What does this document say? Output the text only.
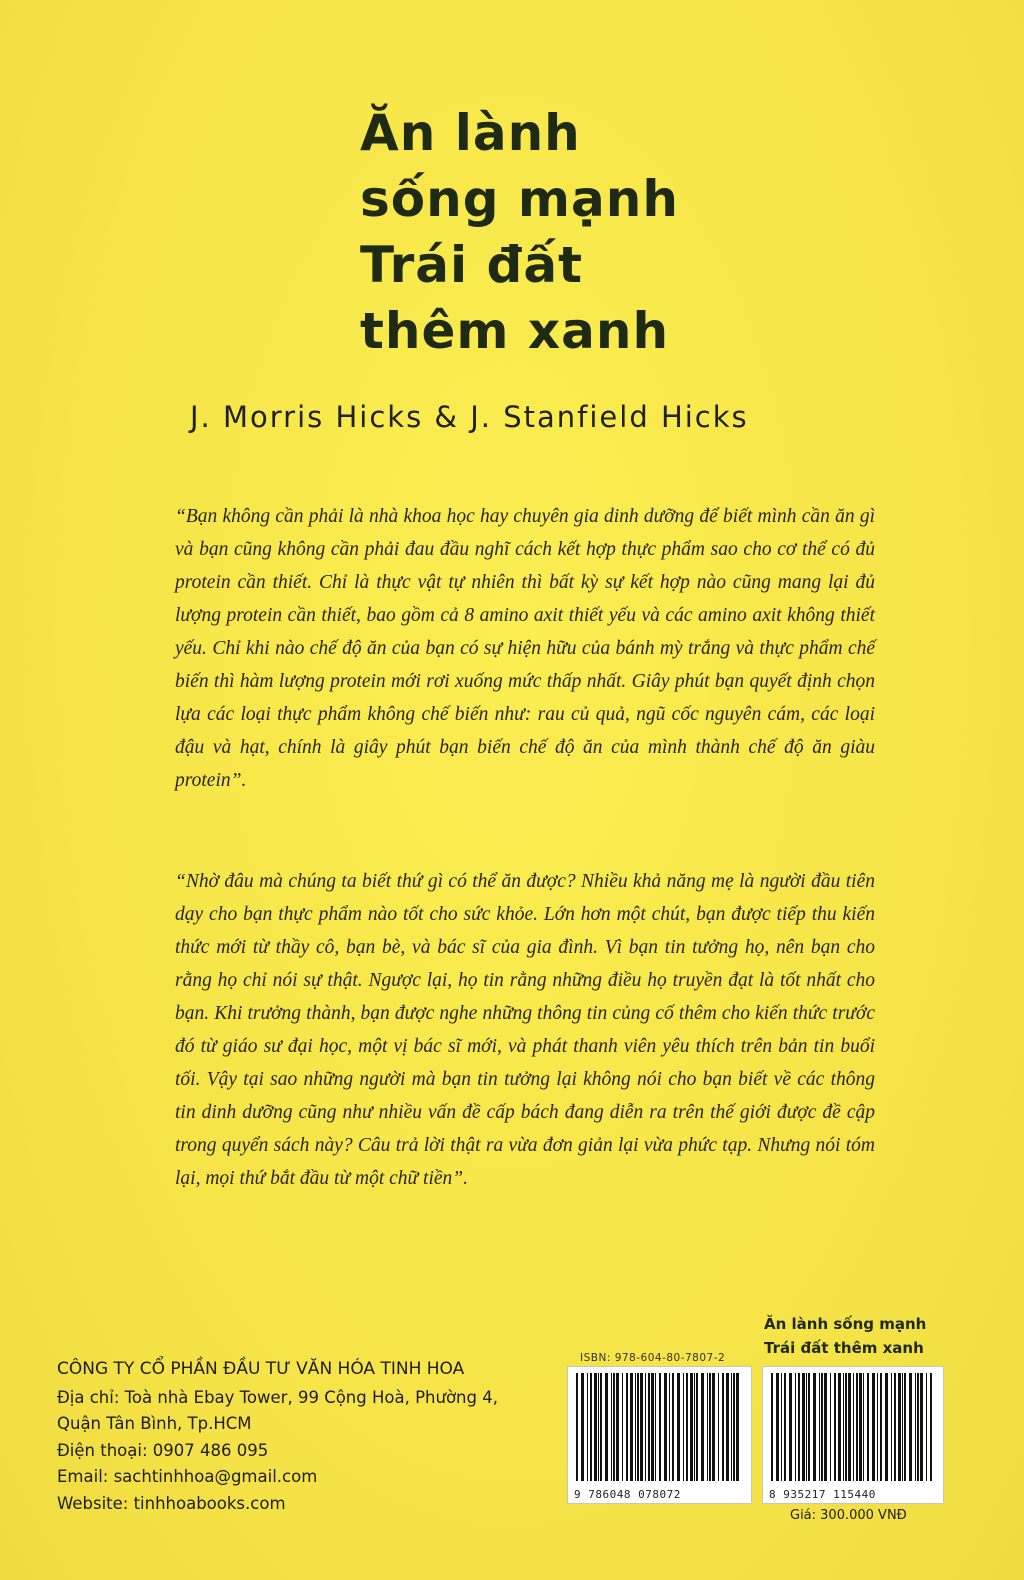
Ăn lành
sống mạnh
Trái đất
thêm xanh
J. Morris Hicks & J. Stanfield Hicks
“Bạn không cần phải là nhà khoa học hay chuyên gia dinh dưỡng để biết mình cần ăn gì và bạn cũng không cần phải đau đầu nghĩ cách kết hợp thực phẩm sao cho cơ thể có đủ protein cần thiết. Chỉ là thực vật tự nhiên thì bất kỳ sự kết hợp nào cũng mang lại đủ lượng protein cần thiết, bao gồm cả 8 amino axit thiết yếu và các amino axit không thiết yếu. Chỉ khi nào chế độ ăn của bạn có sự hiện hữu của bánh mỳ trắng và thực phẩm chế biến thì hàm lượng protein mới rơi xuống mức thấp nhất. Giây phút bạn quyết định chọn lựa các loại thực phẩm không chế biến như: rau củ quả, ngũ cốc nguyên cám, các loại đậu và hạt, chính là giây phút bạn biến chế độ ăn của mình thành chế độ ăn giàu protein”.
“Nhờ đâu mà chúng ta biết thứ gì có thể ăn được? Nhiều khả năng mẹ là người đầu tiên dạy cho bạn thực phẩm nào tốt cho sức khỏe. Lớn hơn một chút, bạn được tiếp thu kiến thức mới từ thầy cô, bạn bè, và bác sĩ của gia đình. Vì bạn tin tưởng họ, nên bạn cho rằng họ chỉ nói sự thật. Ngược lại, họ tin rằng những điều họ truyền đạt là tốt nhất cho bạn. Khi trưởng thành, bạn được nghe những thông tin củng cố thêm cho kiến thức trước đó từ giáo sư đại học, một vị bác sĩ mới, và phát thanh viên yêu thích trên bản tin buổi tối. Vậy tại sao những người mà bạn tin tưởng lại không nói cho bạn biết về các thông tin dinh dưỡng cũng như nhiều vấn đề cấp bách đang diễn ra trên thế giới được đề cập trong quyển sách này? Câu trả lời thật ra vừa đơn giản lại vừa phức tạp. Nhưng nói tóm lại, mọi thứ bắt đầu từ một chữ tiền”.
CÔNG TY CỔ PHẦN ĐẦU TƯ VĂN HÓA TINH HOA
Địa chỉ: Toà nhà Ebay Tower, 99 Cộng Hoà, Phường 4,
Quận Tân Bình, Tp.HCM
Điện thoại: 0907 486 095
Email: sachtinhhoa@gmail.com
Website: tinhhoabooks.com
Ăn lành sống mạnh
Trái đất thêm xanh
ISBN: 978-604-80-7807-2
9 786048 078072	8 935217 115440
Giá: 300.000 VNĐ
